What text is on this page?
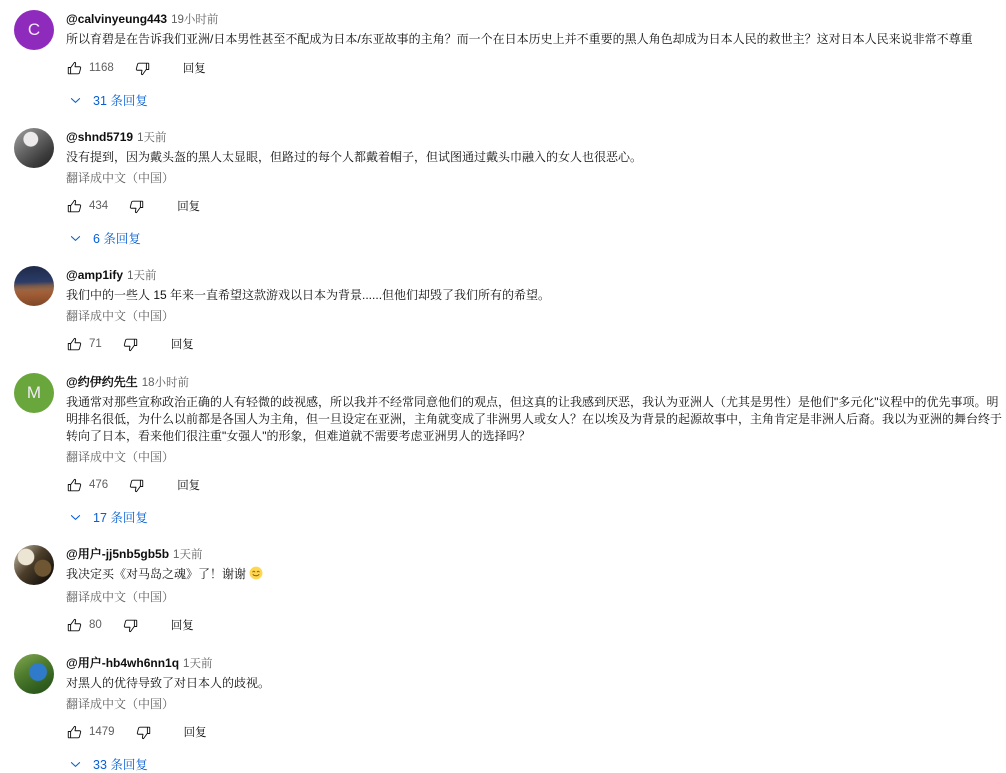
C
@calvinyeung443 19小时前
所以育碧是在告诉我们亚洲/日本男性甚至不配成为日本/东亚故事的主角？而一个在日本历史上并不重要的黑人角色却成为日本人民的救世主？这对日本人民来说非常不尊重
1168	回复
31 条回复
@shnd5719 1天前
没有提到，因为戴头盔的黑人太显眼，但路过的每个人都戴着帽子，但试图通过戴头巾融入的女人也很恶心。
翻译成中文（中国）
434	回复
6 条回复
@amp1ify 1天前
我们中的一些人 15 年来一直希望这款游戏以日本为背景......但他们却毁了我们所有的希望。
翻译成中文（中国）
71	回复
M
@约伊约先生 18小时前
我通常对那些宣称政治正确的人有轻微的歧视感，所以我并不经常同意他们的观点，但这真的让我感到厌恶，我认为亚洲人（尤其是男性）是他们"多元化"议程中的优先事项。明明排名很低，为什么以前都是各国人为主角，但一旦设定在亚洲，主角就变成了非洲男人或女人？在以埃及为背景的起源故事中，主角肯定是非洲人后裔。我以为亚洲的舞台终于转向了日本，看来他们很注重"女强人"的形象，但难道就不需要考虑亚洲男人的选择吗？
翻译成中文（中国）
476	回复
17 条回复
@用户-jj5nb5gb5b 1天前
我决定买《对马岛之魂》了！谢谢
翻译成中文（中国）
80	回复
@用户-hb4wh6nn1q 1天前
对黑人的优待导致了对日本人的歧视。
翻译成中文（中国）
1479	回复
33 条回复
